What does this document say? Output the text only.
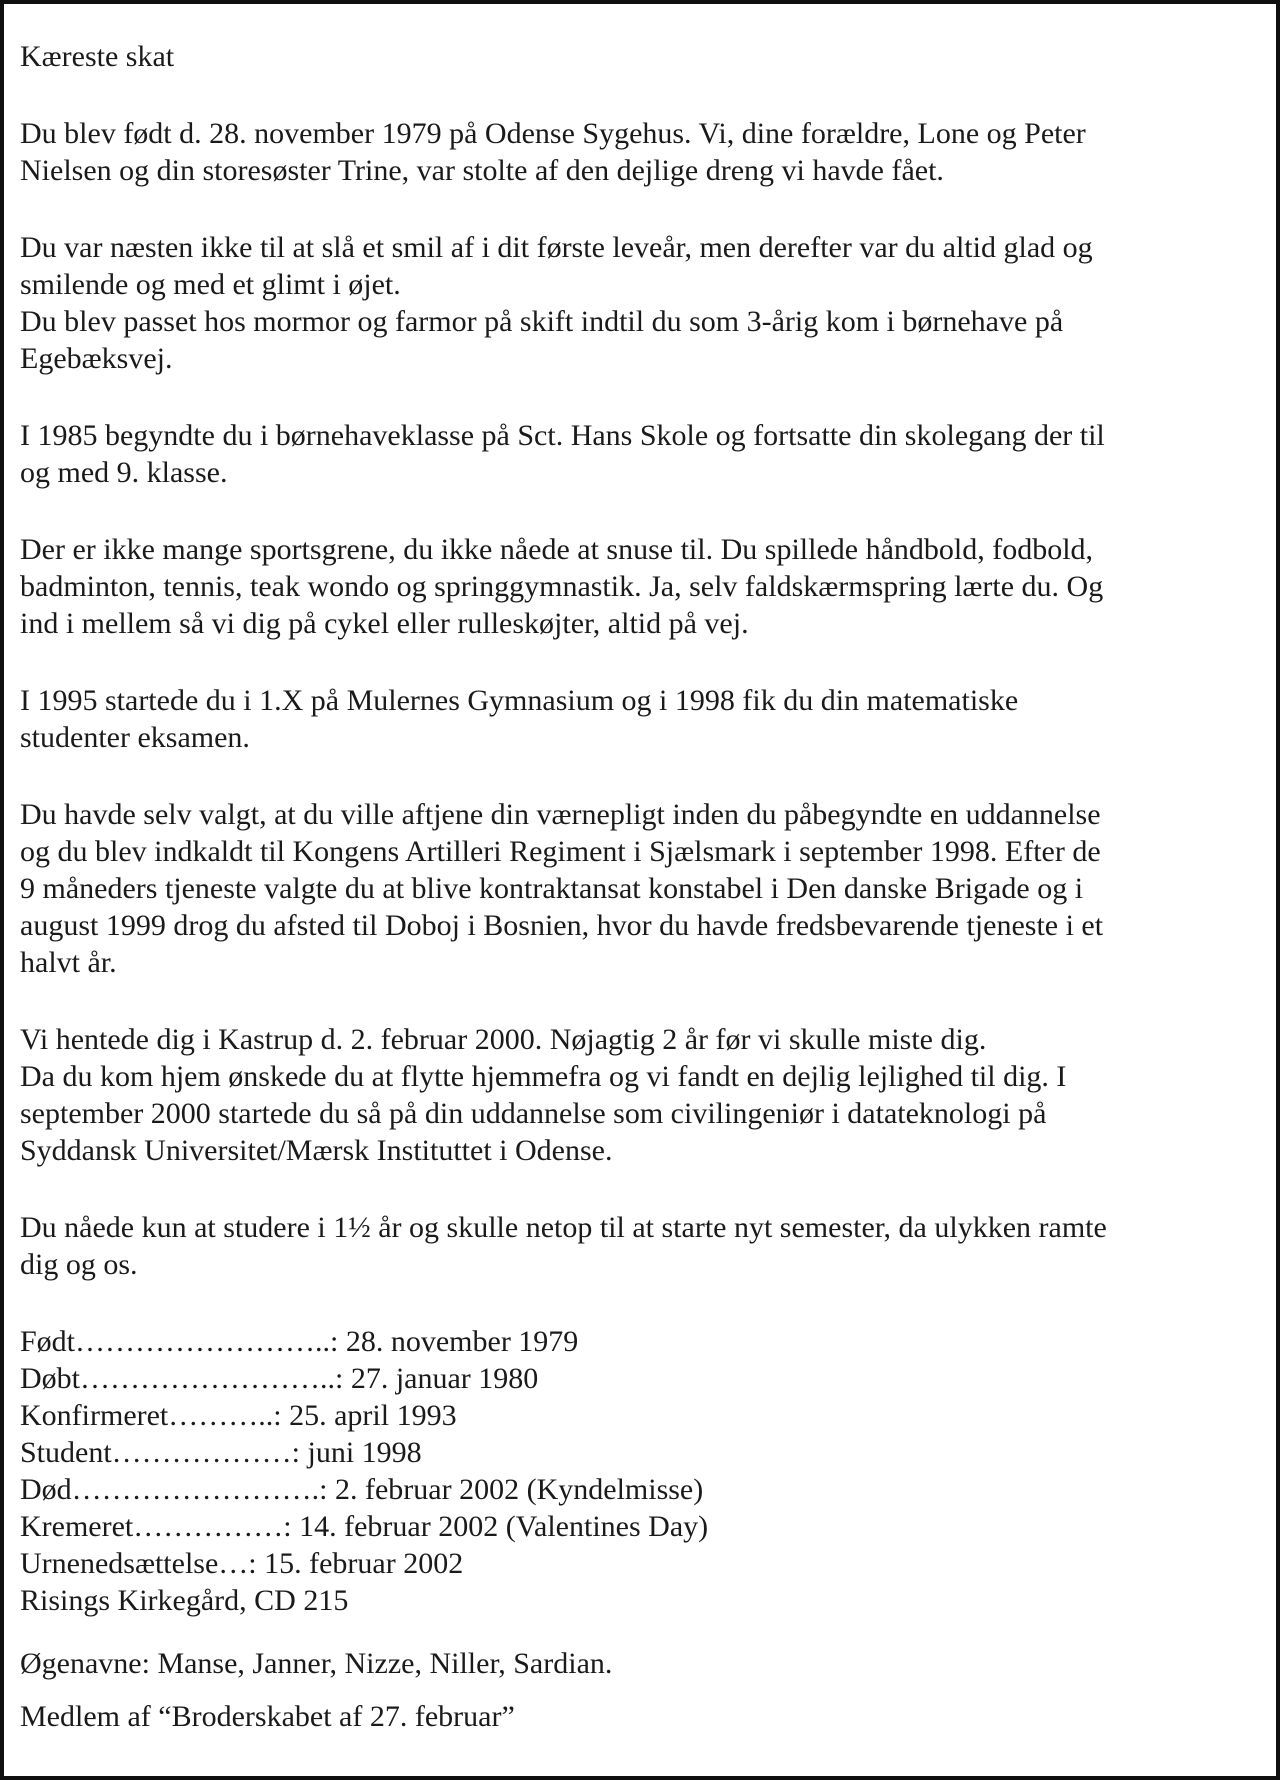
Kæreste skat

Du blev født d. 28. november 1979 på Odense Sygehus. Vi, dine forældre, Lone og Peter
Nielsen og din storesøster Trine, var stolte af den dejlige dreng vi havde fået.

Du var næsten ikke til at slå et smil af i dit første leveår, men derefter var du altid glad og
smilende og med et glimt i øjet.
Du blev passet hos mormor og farmor på skift indtil du som 3-årig kom i børnehave på
Egebæksvej.

I 1985 begyndte du i børnehaveklasse på Sct. Hans Skole og fortsatte din skolegang der til
og med 9. klasse.

Der er ikke mange sportsgrene, du ikke nåede at snuse til. Du spillede håndbold, fodbold,
badminton, tennis, teak wondo og springgymnastik. Ja, selv faldskærmspring lærte du. Og
ind i mellem så vi dig på cykel eller rulleskøjter, altid på vej.

I 1995 startede du i 1.X på Mulernes Gymnasium og i 1998 fik du din matematiske
studenter eksamen.

Du havde selv valgt, at du ville aftjene din værnepligt inden du påbegyndte en uddannelse
og du blev indkaldt til Kongens Artilleri Regiment i Sjælsmark i september 1998. Efter de
9 måneders tjeneste valgte du at blive kontraktansat konstabel i Den danske Brigade og i
august 1999 drog du afsted til Doboj i Bosnien, hvor du havde fredsbevarende tjeneste i et
halvt år.

Vi hentede dig i Kastrup d. 2. februar 2000. Nøjagtig 2 år før vi skulle miste dig.
Da du kom hjem ønskede du at flytte hjemmefra og vi fandt en dejlig lejlighed til dig. I
september 2000 startede du så på din uddannelse som civilingeniør i datateknologi på
Syddansk Universitet/Mærsk Instituttet i Odense.

Du nåede kun at studere i 1½ år og skulle netop til at starte nyt semester, da ulykken ramte
dig og os.

Født……………………..: 28. november 1979
Døbt……………………..: 27. januar 1980
Konfirmeret………..: 25. april 1993
Student………………: juni 1998
Død…………………….: 2. februar 2002 (Kyndelmisse)
Kremeret……………: 14. februar 2002 (Valentines Day)
Urnenedsættelse…: 15. februar 2002
Risings Kirkegård, CD 215

Øgenavne: Manse, Janner, Nizze, Niller, Sardian.

Medlem af “Broderskabet af 27. februar”
